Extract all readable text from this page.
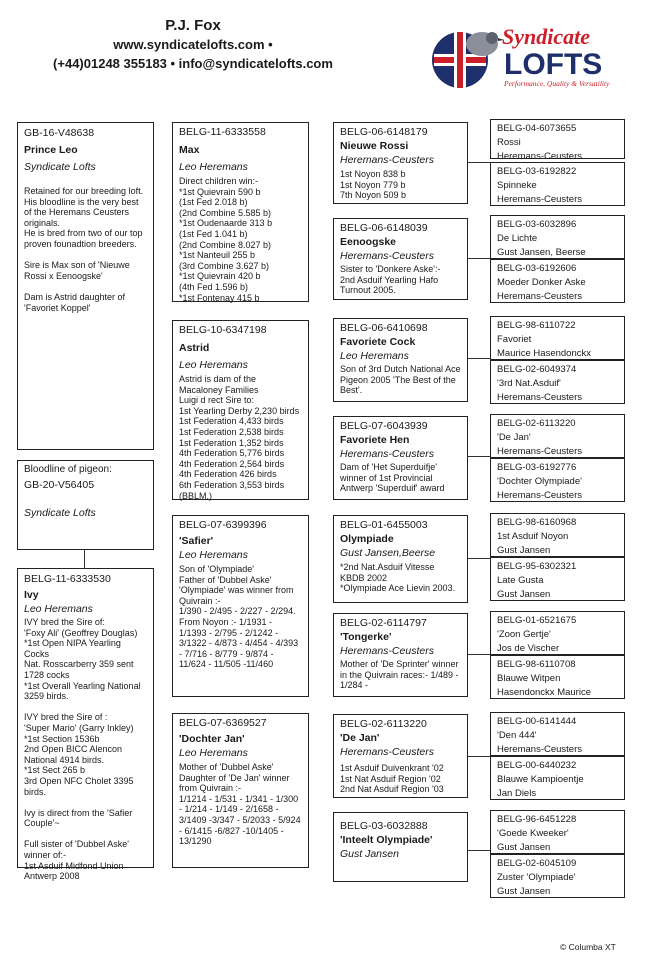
P.J. Fox
www.syndicatelofts.com •
(+44)01248 355183 • info@syndicatelofts.com
Syndicate
LOFTS
Performance, Quality & Versatility
GB-16-V48638
Prince Leo
Syndicate Lofts
Retained for our breeding loft.
His bloodline is the very best of the Heremans Ceusters originals.
He is bred from two of our top proven founadtion breeders.

Sire is Max son of 'Nieuwe Rossi x Eenoogske'

Dam is Astrid daughter of 'Favoriet Koppel'
Bloodline of pigeon:
GB-20-V56405
Syndicate Lofts
BELG-11-6333530
Ivy
Leo Heremans
IVY bred the Sire of:
'Foxy Ali' (Geoffrey Douglas)
*1st Open NIPA Yearling Cocks
Nat. Rosscarberry 359 sent 1728 cocks
*1st Overall Yearling National 3259 birds.

IVY bred the Sire of :
'Super Mario' (Garry Inkley)
*1st Section 1536b
2nd Open BICC Alencon National 4914 birds.
*1st Sect 265 b
3rd Open NFC Cholet 3395 birds.

Ivy is direct from the 'Safier Couple'~

Full sister of 'Dubbel Aske' winner of:-
1st Asduif Midfond Union Antwerp 2008
BELG-11-6333558
Max
Leo Heremans
Direct children win:-
*1st Quievrain 590 b
(1st Fed 2.018 b)
(2nd Combine 5.585 b)
*1st Oudenaarde 313 b
(1st Fed 1.041 b)
(2nd Combine 8.027 b)
*1st Nanteuil 255 b
(3rd Combine 3.627 b)
*1st Quievrain 420 b
(4th Fed 1.596 b)
*1st Fontenay 415 b
BELG-10-6347198
Astrid
Leo Heremans
Astrid is dam of the Macaloney Families
Luigi d rect Sire to:
1st Yearling Derby 2,230 birds
1st Federation 4,433 birds
1st Federation 2,538 birds
1st Federation 1,352 birds
4th Federation 5,776 birds
4th Federation 2,564 birds
4th Federation 426 birds
6th Federation 3,553 birds
(BBLM.)
BELG-07-6399396
'Safier'
Leo Heremans
Son of 'Olympiade'
Father of 'Dubbel Aske'
'Olympiade' was winner from Quivrain :-
1/390 - 2/495 - 2/227 - 2/294.
From Noyon :- 1/1931 - 1/1393 - 2/795 - 2/1242 - 3/1322 - 4/873 - 4/454 - 4/393 - 7/716 - 8/779 - 9/874 - 11/624 - 11/505 -11/460
BELG-07-6369527
'Dochter Jan'
Leo Heremans
Mother of 'Dubbel Aske'
Daughter of 'De Jan' winner from Quivrain :-
1/1214 - 1/531 - 1/341 - 1/300 - 1/214 - 1/149 - 2/1658 - 3/1409 -3/347 - 5/2033 - 5/924 - 6/1415 -6/827 -10/1405 - 13/1290
BELG-06-6148179
Nieuwe Rossi
Heremans-Ceusters
1st Noyon 838 b
1st Noyon 779 b
7th Noyon 509 b
BELG-06-6148039
Eenoogske
Heremans-Ceusters
Sister to 'Donkere Aske':-
2nd Asduif Yearling Hafo Turnout 2005.
BELG-06-6410698
Favoriete Cock
Leo Heremans
Son of 3rd Dutch National Ace Pigeon 2005 'The Best of the Best'.
BELG-07-6043939
Favoriete Hen
Heremans-Ceusters
Dam of 'Het Superduifje' winner of 1st Provincial Antwerp 'Superduif' award
BELG-01-6455003
Olympiade
Gust Jansen,Beerse
*2nd Nat.Asduif Vitesse KBDB 2002
*Olympiade Ace Lievin 2003.
BELG-02-6114797
'Tongerke'
Heremans-Ceusters
Mother of 'De Sprinter' winner in the Quivrain races:- 1/489 - 1/284 -
BELG-02-6113220
'De Jan'
Heremans-Ceusters
1st Asduif Duivenkrant '02
1st Nat Asduif Region '02
2nd Nat Asduif Region '03
BELG-03-6032888
'Inteelt Olympiade'
Gust Jansen
BELG-04-6073655
Rossi
Heremans-Ceusters
BELG-03-6192822
Spinneke
Heremans-Ceusters
BELG-03-6032896
De Lichte
Gust Jansen, Beerse
BELG-03-6192606
Moeder Donker Aske
Heremans-Ceusters
BELG-98-6110722
Favoriet
Maurice Hasendonckx
BELG-02-6049374
'3rd Nat.Asduif'
Heremans-Ceusters
BELG-02-6113220
'De Jan'
Heremans-Ceusters
BELG-03-6192776
'Dochter Olympiade'
Heremans-Ceusters
BELG-98-6160968
1st Asduif Noyon
Gust Jansen
BELG-95-6302321
Late Gusta
Gust Jansen
BELG-01-6521675
'Zoon Gertje'
Jos de Vischer
BELG-98-6110708
Blauwe Witpen
Hasendonckx Maurice
BELG-00-6141444
'Den 444'
Heremans-Ceusters
BELG-00-6440232
Blauwe Kampioentje
Jan Diels
BELG-96-6451228
'Goede Kweeker'
Gust Jansen
BELG-02-6045109
Zuster 'Olympiade'
Gust Jansen
© Columba XT
